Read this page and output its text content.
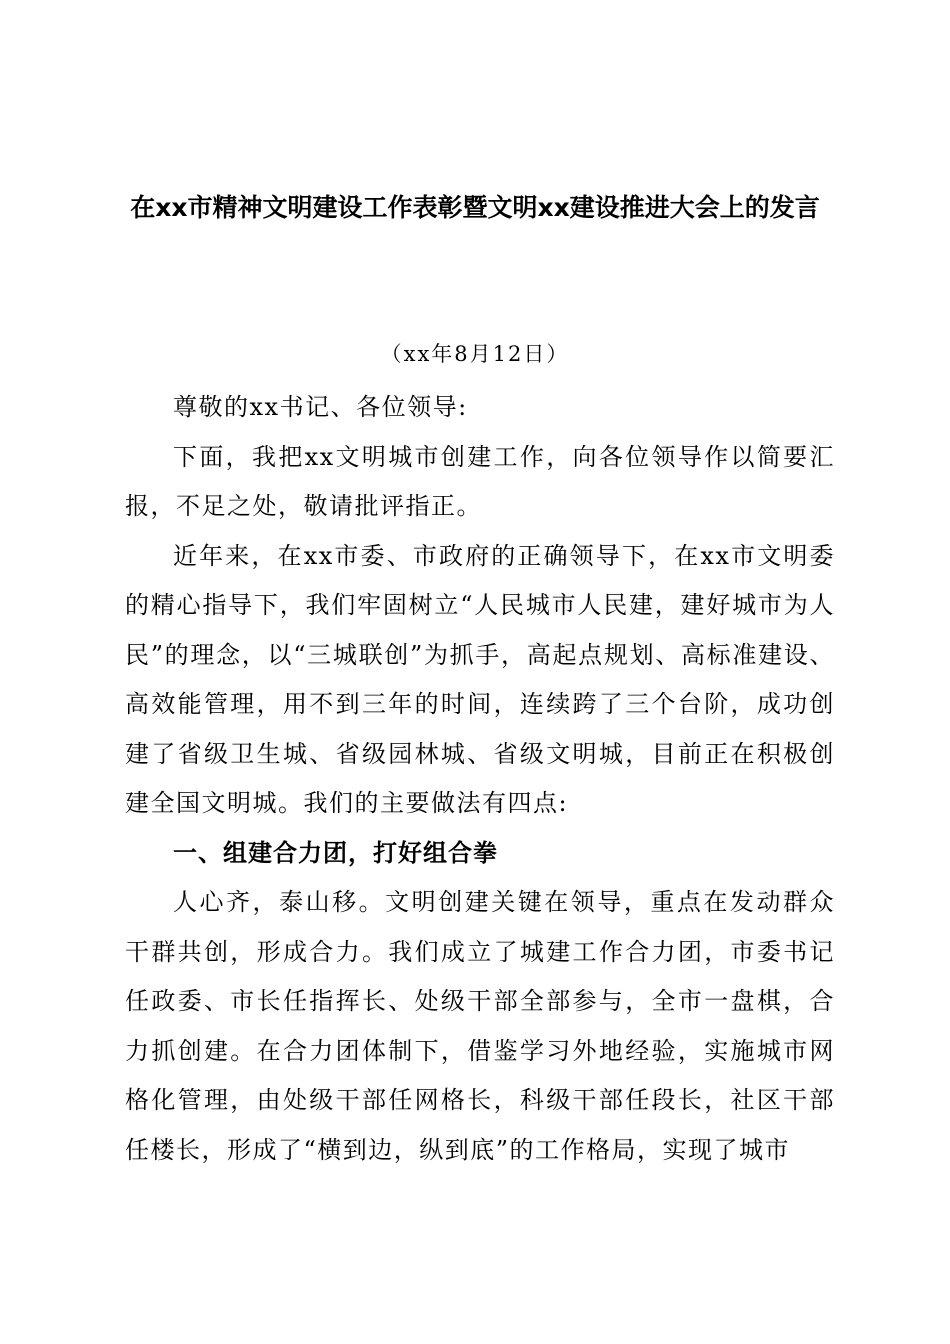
在xx市精神文明建设工作表彰暨文明xx建设推进大会上的发言
（xx年8月12日）

尊敬的xx书记、各位领导:

下面，我把xx文明城市创建工作，向各位领导作以简要汇报，不足之处，敬请批评指正。

近年来，在xx市委、市政府的正确领导下，在xx市文明委的精心指导下，我们牢固树立“人民城市人民建，建好城市为人民”的理念，以“三城联创”为抓手，高起点规划、高标准建设、高效能管理，用不到三年的时间，连续跨了三个台阶，成功创建了省级卫生城、省级园林城、省级文明城，目前正在积极创建全国文明城。我们的主要做法有四点:

一、组建合力团，打好组合拳

人心齐，泰山移。文明创建关键在领导，重点在发动群众干群共创，形成合力。我们成立了城建工作合力团，市委书记任政委、市长任指挥长、处级干部全部参与，全市一盘棋，合力抓创建。在合力团体制下，借鉴学习外地经验，实施城市网格化管理，由处级干部任网格长，科级干部任段长，社区干部任楼长，形成了“横到边，纵到底”的工作格局，实现了城市
